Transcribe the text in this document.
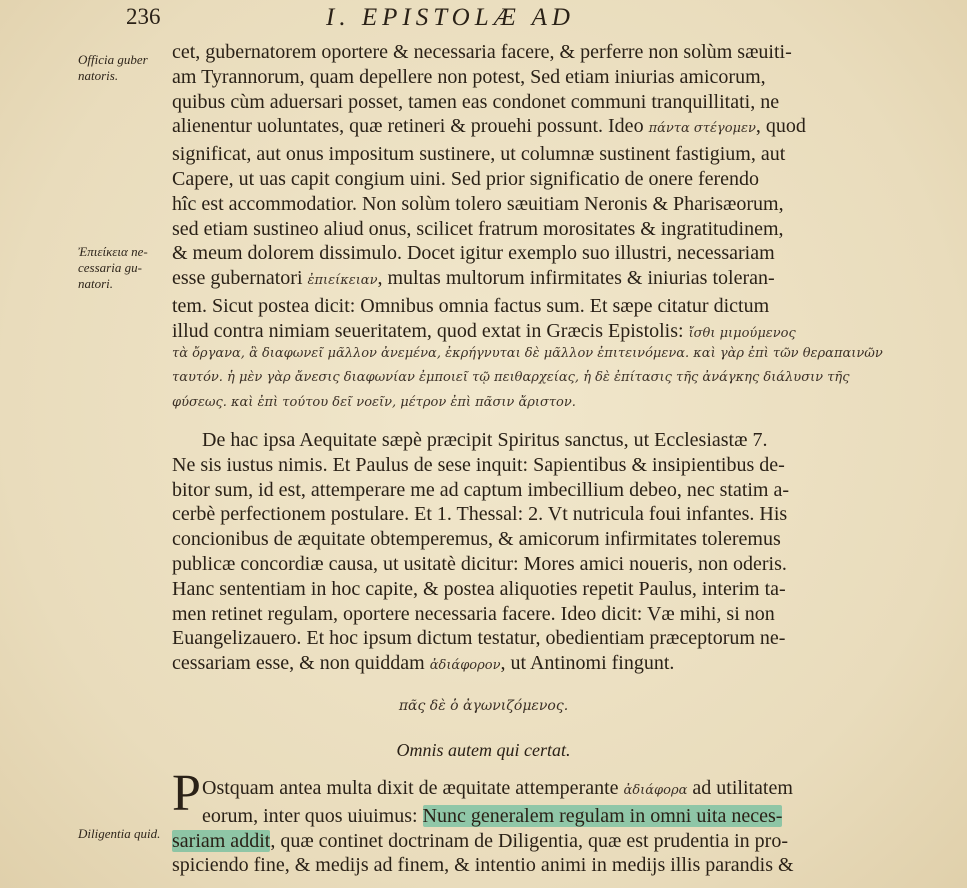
236	I. EPISTOLÆ AD
Officia guber natoris.
Ἐπιείκεια ne- cessaria gu- natori.
Diligentia quid.
cet, gubernatorem oportere & necessaria facere, & perferre non solùm sæuiti-
am Tyrannorum, quam depellere non potest, Sed etiam iniurias amicorum,
quibus cùm aduersari posset, tamen eas condonet communi tranquillitati, ne
alienentur uoluntates, quæ retineri & prouehi possunt. Ideo πάντα στέγομεν, quod
significat, aut onus impositum sustinere, ut columnæ sustinent fastigium, aut
Capere, ut uas capit congium uini. Sed prior significatio de onere ferendo
hîc est accommodatior. Non solùm tolero sæuitiam Neronis & Pharisæorum,
sed etiam sustineo aliud onus, scilicet fratrum morositates & ingratitudinem,
& meum dolorem dissimulo. Docet igitur exemplo suo illustri, necessariam
esse gubernatori ἐπιείκειαν, multas multorum infirmitates & iniurias toleran-
tem. Sicut postea dicit: Omnibus omnia factus sum. Et sæpe citatur dictum
illud contra nimiam seueritatem, quod extat in Græcis Epistolis: ἴσθι μιμούμενος
τὰ ὄργανα, ἃ διαφωνεῖ μᾶλλον ἀνεμένα, ἐκρήγνυται δὲ μᾶλλον ἐπιτεινόμενα. καὶ γὰρ ἐπὶ τῶν θεραπαινῶν
ταυτόν. ἡ μὲν γὰρ ἄνεσις διαφωνίαν ἐμποιεῖ τῷ πειθαρχείας, ἡ δὲ ἐπίτασις τῆς ἀνάγκης διάλυσιν τῆς
φύσεως. καὶ ἐπὶ τούτου δεῖ νοεῖν, μέτρον ἐπὶ πᾶσιν ἄριστον.
De hac ipsa Aequitate sæpè præcipit Spiritus sanctus, ut Ecclesiastæ 7.
Ne sis iustus nimis. Et Paulus de sese inquit: Sapientibus & insipientibus de-
bitor sum, id est, attemperare me ad captum imbecillium debeo, nec statim a-
cerbè perfectionem postulare. Et 1. Thessal: 2. Vt nutricula foui infantes. His
concionibus de æquitate obtemperemus, & amicorum infirmitates toleremus
publicæ concordiæ causa, ut usitatè dicitur: Mores amici noueris, non oderis.
Hanc sententiam in hoc capite, & postea aliquoties repetit Paulus, interim ta-
men retinet regulam, oportere necessaria facere. Ideo dicit: Væ mihi, si non
Euangelizauero. Et hoc ipsum dictum testatur, obedientiam præceptorum ne-
cessariam esse, & non quiddam ἀδιάφορον, ut Antinomi fingunt.
πᾶς δὲ ὁ ἀγωνιζόμενος.
Omnis autem qui certat.
P Ostquam antea multa dixit de æquitate attemperante ἀδιάφορα ad utilitatem
eorum, inter quos uiuimus: Nunc generalem regulam in omni uita neces-
sariam addit, quæ continet doctrinam de Diligentia, quæ est prudentia in pro-
spiciendo fine, & medijs ad finem, & intentio animi in medijs illis parandis &
